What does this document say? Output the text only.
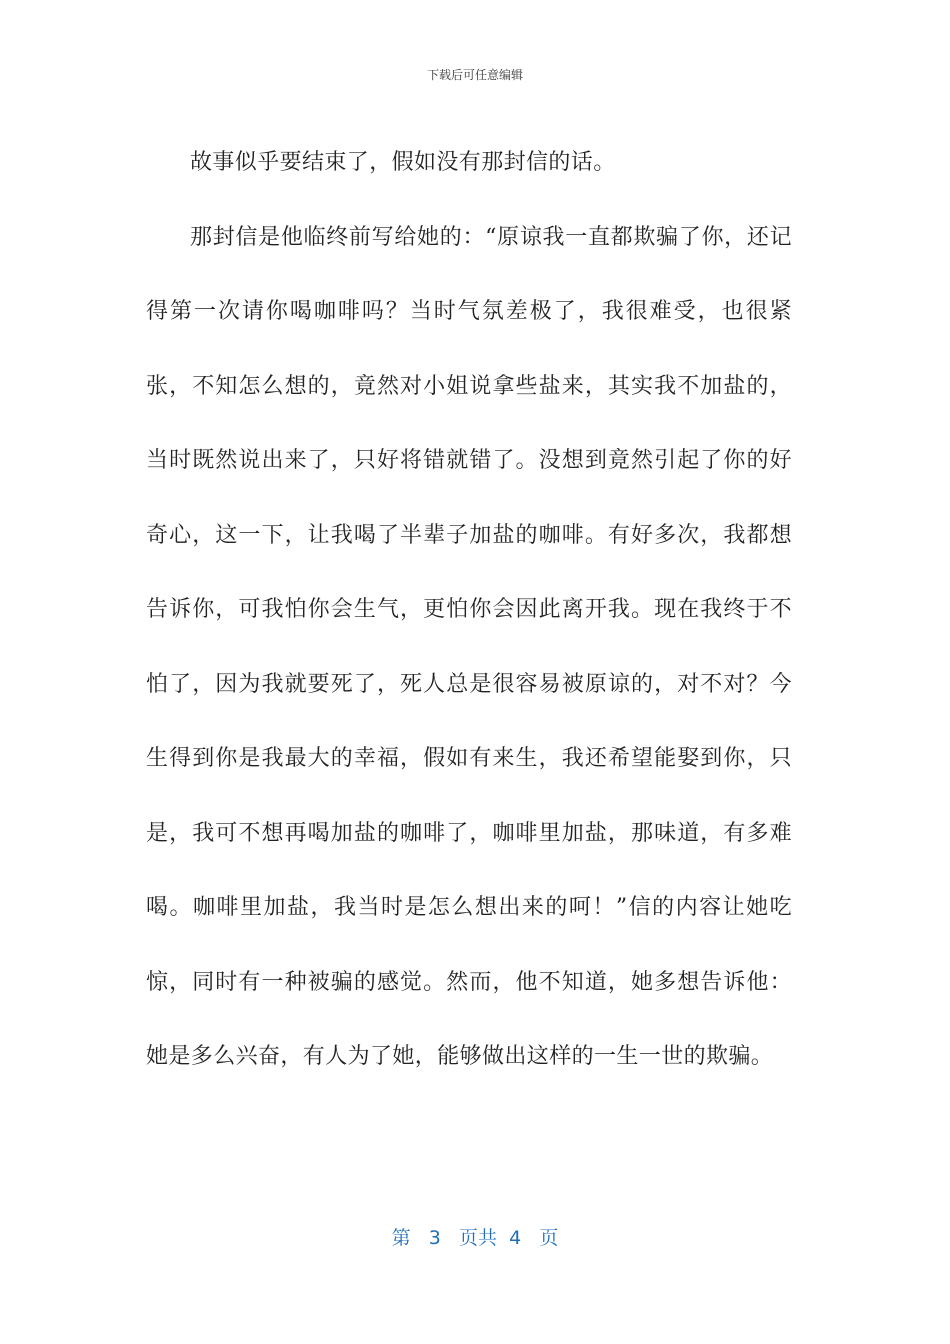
下载后可任意编辑

故事似乎要结束了，假如没有那封信的话。

那封信是他临终前写给她的：“原谅我一直都欺骗了你，还记得第一次请你喝咖啡吗？当时气氛差极了，我很难受，也很紧张，不知怎么想的，竟然对小姐说拿些盐来，其实我不加盐的，当时既然说出来了，只好将错就错了。没想到竟然引起了你的好奇心，这一下，让我喝了半辈子加盐的咖啡。有好多次，我都想告诉你，可我怕你会生气，更怕你会因此离开我。现在我终于不怕了，因为我就要死了，死人总是很容易被原谅的，对不对？今生得到你是我最大的幸福，假如有来生，我还希望能娶到你，只是，我可不想再喝加盐的咖啡了，咖啡里加盐，那味道，有多难喝。咖啡里加盐，我当时是怎么想出来的呵！”信的内容让她吃惊，同时有一种被骗的感觉。然而，他不知道，她多想告诉他：她是多么兴奋，有人为了她，能够做出这样的一生一世的欺骗。

第 3 页共 4 页
